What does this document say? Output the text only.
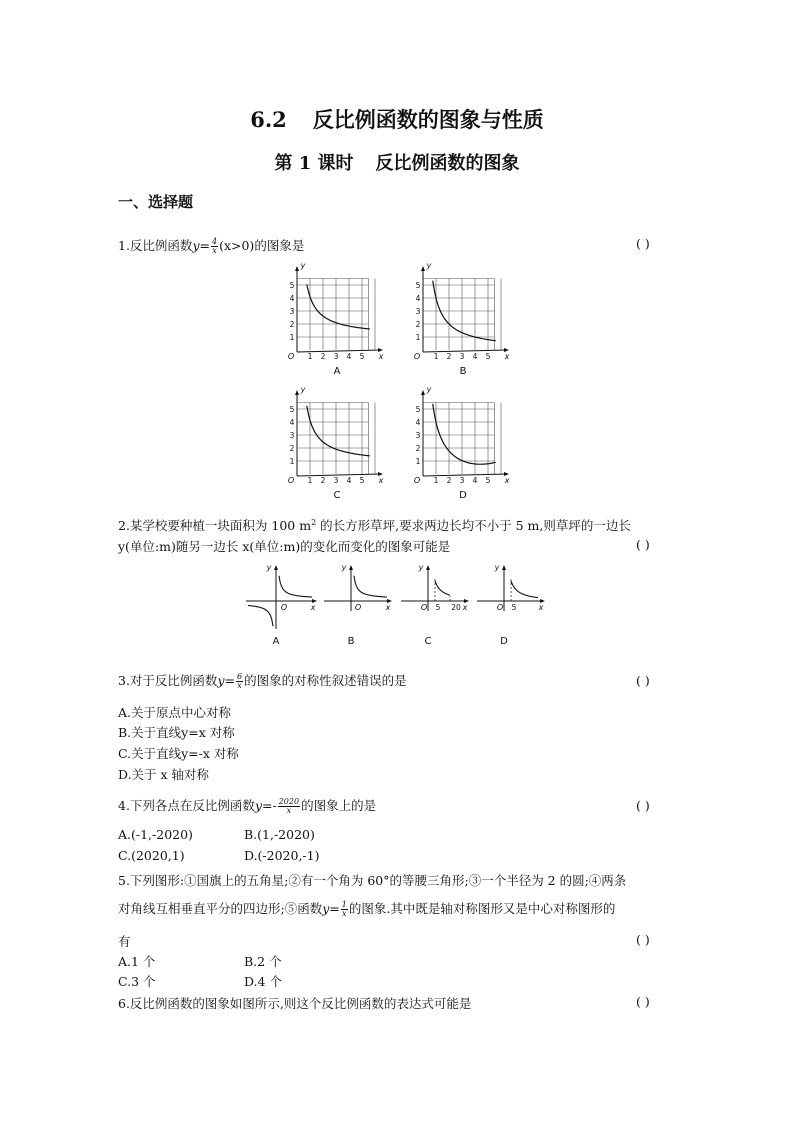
6.2 反比例函数的图象与性质
第 1 课时 反比例函数的图象
一、选择题
1.反比例函数$y= \frac{4}{x} (x>0)$的图象是	( )
1
1
2
2
3
3
4
4
5
5
O	x
y
A
1
1
2
2
3
3
4
4
5
5
O	x
y
B
1
1
2
2
3
3
4
4
5
5
O	x
y
C
1
1
2
2
3
3
4
4
5
5
O	x
y
D
y
x
O
A
y
x
O
B
y
x
O 5 20
C
y
x
O 5
D
2.某学校要种植一块面积为 100 $m^2$ 的长方形草坪,要求两边长均不小于 5 m,则草坪的一边长
y(单位:m)随另一边长 x(单位:m)的变化而变化的图象可能是	( )
3.对于反比例函数$y= \frac{6}{x}$ 的图象的对称性叙述错误的是	( )
A.关于原点中心对称
B.关于直线y=x 对称
C.关于直线y=-x 对称
D.关于 x 轴对称
4.下列各点在反比例函数$y=- \frac{2020}{x}$ 的图象上的是	( )
A.(-1,-2020)	B.(1,-2020)
C.(2020,1)	D.(-2020,-1)
5.下列图形:①国旗上的五角星;②有一个角为 60°的等腰三角形;③一个半径为 2 的圆;④两条
对角线互相垂直平分的四边形;⑤函数$y= \frac{1}{x}$ 的图象.其中既是轴对称图形又是中心对称图形的
有	( )
A.1 个	B.2 个
C.3 个	D.4 个
6.反比例函数的图象如图所示,则这个反比例函数的表达式可能是	( )
